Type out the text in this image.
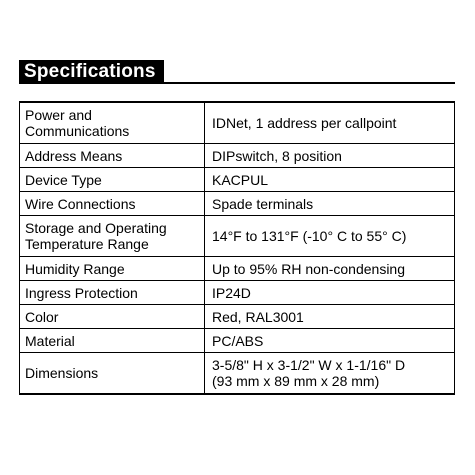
Specifications
Power and
Communications	IDNet, 1 address per callpoint
Address Means	DIPswitch, 8 position
Device Type	KACPUL
Wire Connections	Spade terminals
Storage and Operating
Temperature Range	14°F to 131°F (-10° C to 55° C)
Humidity Range	Up to 95% RH non-condensing
Ingress Protection	IP24D
Color	Red, RAL3001
Material	PC/ABS
Dimensions	3-5/8" H x 3-1/2" W x 1-1/16" D
(93 mm x 89 mm x 28 mm)
